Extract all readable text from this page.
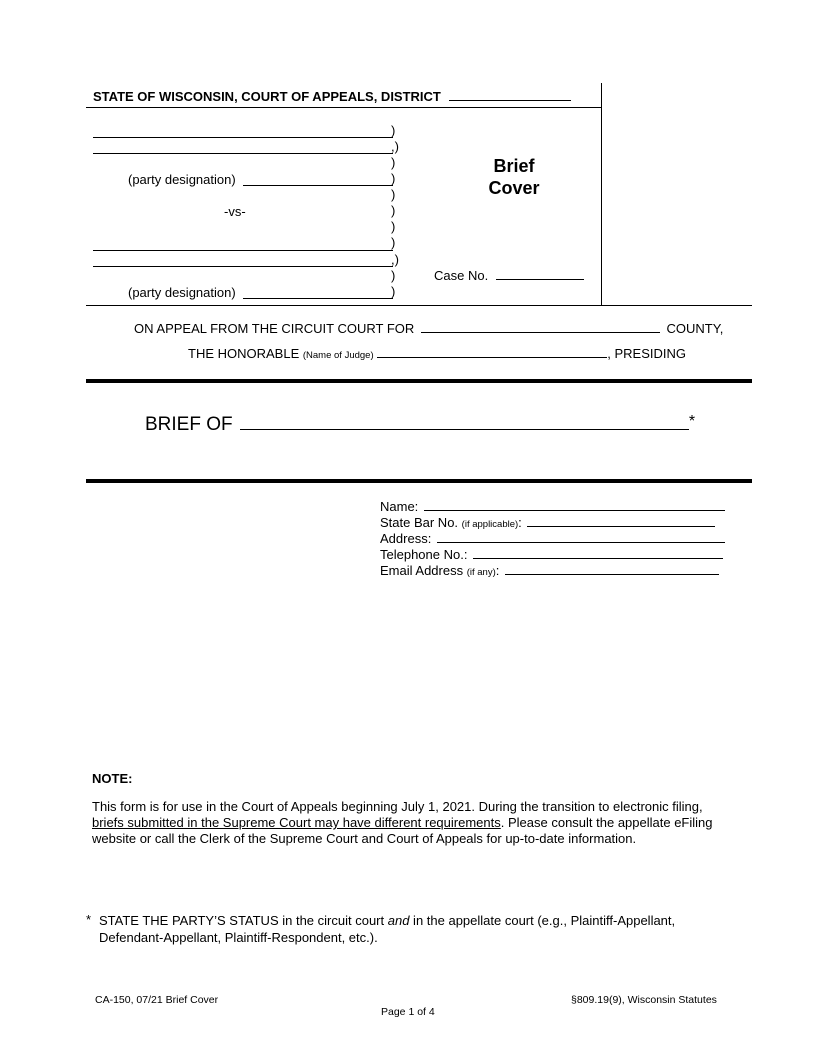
STATE OF WISCONSIN, COURT OF APPEALS, DISTRICT
(party designation)
-vs-
(party designation)
)
,)
)
)
)
)
)
)
,)
)
)
Brief
Cover
Case No.
ON APPEAL FROM THE CIRCUIT COURT FOR	COUNTY,
THE HONORABLE (Name of Judge)	, PRESIDING
BRIEF OF	*
Name:
State Bar No. (if applicable):
Address:
Telephone No.:
Email Address (if any):
NOTE:
This form is for use in the Court of Appeals beginning July 1, 2021. During the transition to electronic filing,
briefs submitted in the Supreme Court may have different requirements. Please consult the appellate eFiling
website or call the Clerk of the Supreme Court and Court of Appeals for up-to-date information.
* STATE THE PARTY’S STATUS in the circuit court and in the appellate court (e.g., Plaintiff-Appellant,
Defendant-Appellant, Plaintiff-Respondent, etc.).
CA-150, 07/21 Brief Cover	§809.19(9), Wisconsin Statutes
Page 1 of 4
